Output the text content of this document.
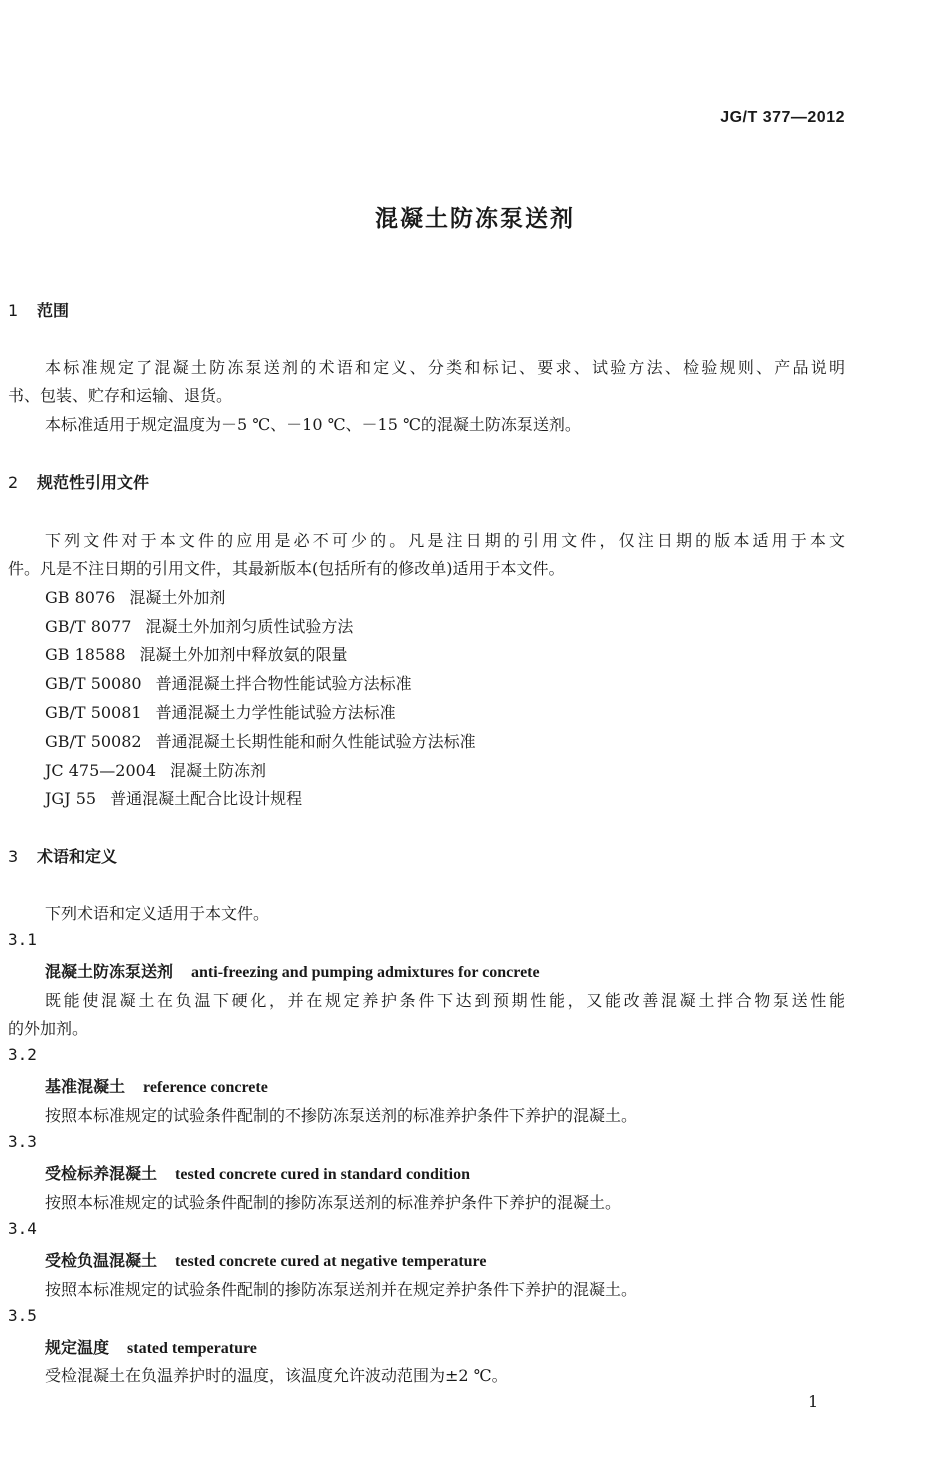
JG/T 377—2012
混凝土防冻泵送剂
1 范围
本标准规定了混凝土防冻泵送剂的术语和定义、分类和标记、要求、试验方法、检验规则、产品说明
书、包装、贮存和运输、退货。
本标准适用于规定温度为－5 ℃、－10 ℃、－15 ℃的混凝土防冻泵送剂。
2 规范性引用文件
下列文件对于本文件的应用是必不可少的。凡是注日期的引用文件，仅注日期的版本适用于本文
件。凡是不注日期的引用文件，其最新版本(包括所有的修改单)适用于本文件。
GB 8076 混凝土外加剂
GB/T 8077 混凝土外加剂匀质性试验方法
GB 18588 混凝土外加剂中释放氨的限量
GB/T 50080 普通混凝土拌合物性能试验方法标准
GB/T 50081 普通混凝土力学性能试验方法标准
GB/T 50082 普通混凝土长期性能和耐久性能试验方法标准
JC 475—2004 混凝土防冻剂
JGJ 55 普通混凝土配合比设计规程
3 术语和定义
下列术语和定义适用于本文件。
3.1
混凝土防冻泵送剂 anti-freezing and pumping admixtures for concrete
既能使混凝土在负温下硬化，并在规定养护条件下达到预期性能，又能改善混凝土拌合物泵送性能
的外加剂。
3.2
基准混凝土 reference concrete
按照本标准规定的试验条件配制的不掺防冻泵送剂的标准养护条件下养护的混凝土。
3.3
受检标养混凝土 tested concrete cured in standard condition
按照本标准规定的试验条件配制的掺防冻泵送剂的标准养护条件下养护的混凝土。
3.4
受检负温混凝土 tested concrete cured at negative temperature
按照本标准规定的试验条件配制的掺防冻泵送剂并在规定养护条件下养护的混凝土。
3.5
规定温度 stated temperature
受检混凝土在负温养护时的温度，该温度允许波动范围为±2 ℃。
1
